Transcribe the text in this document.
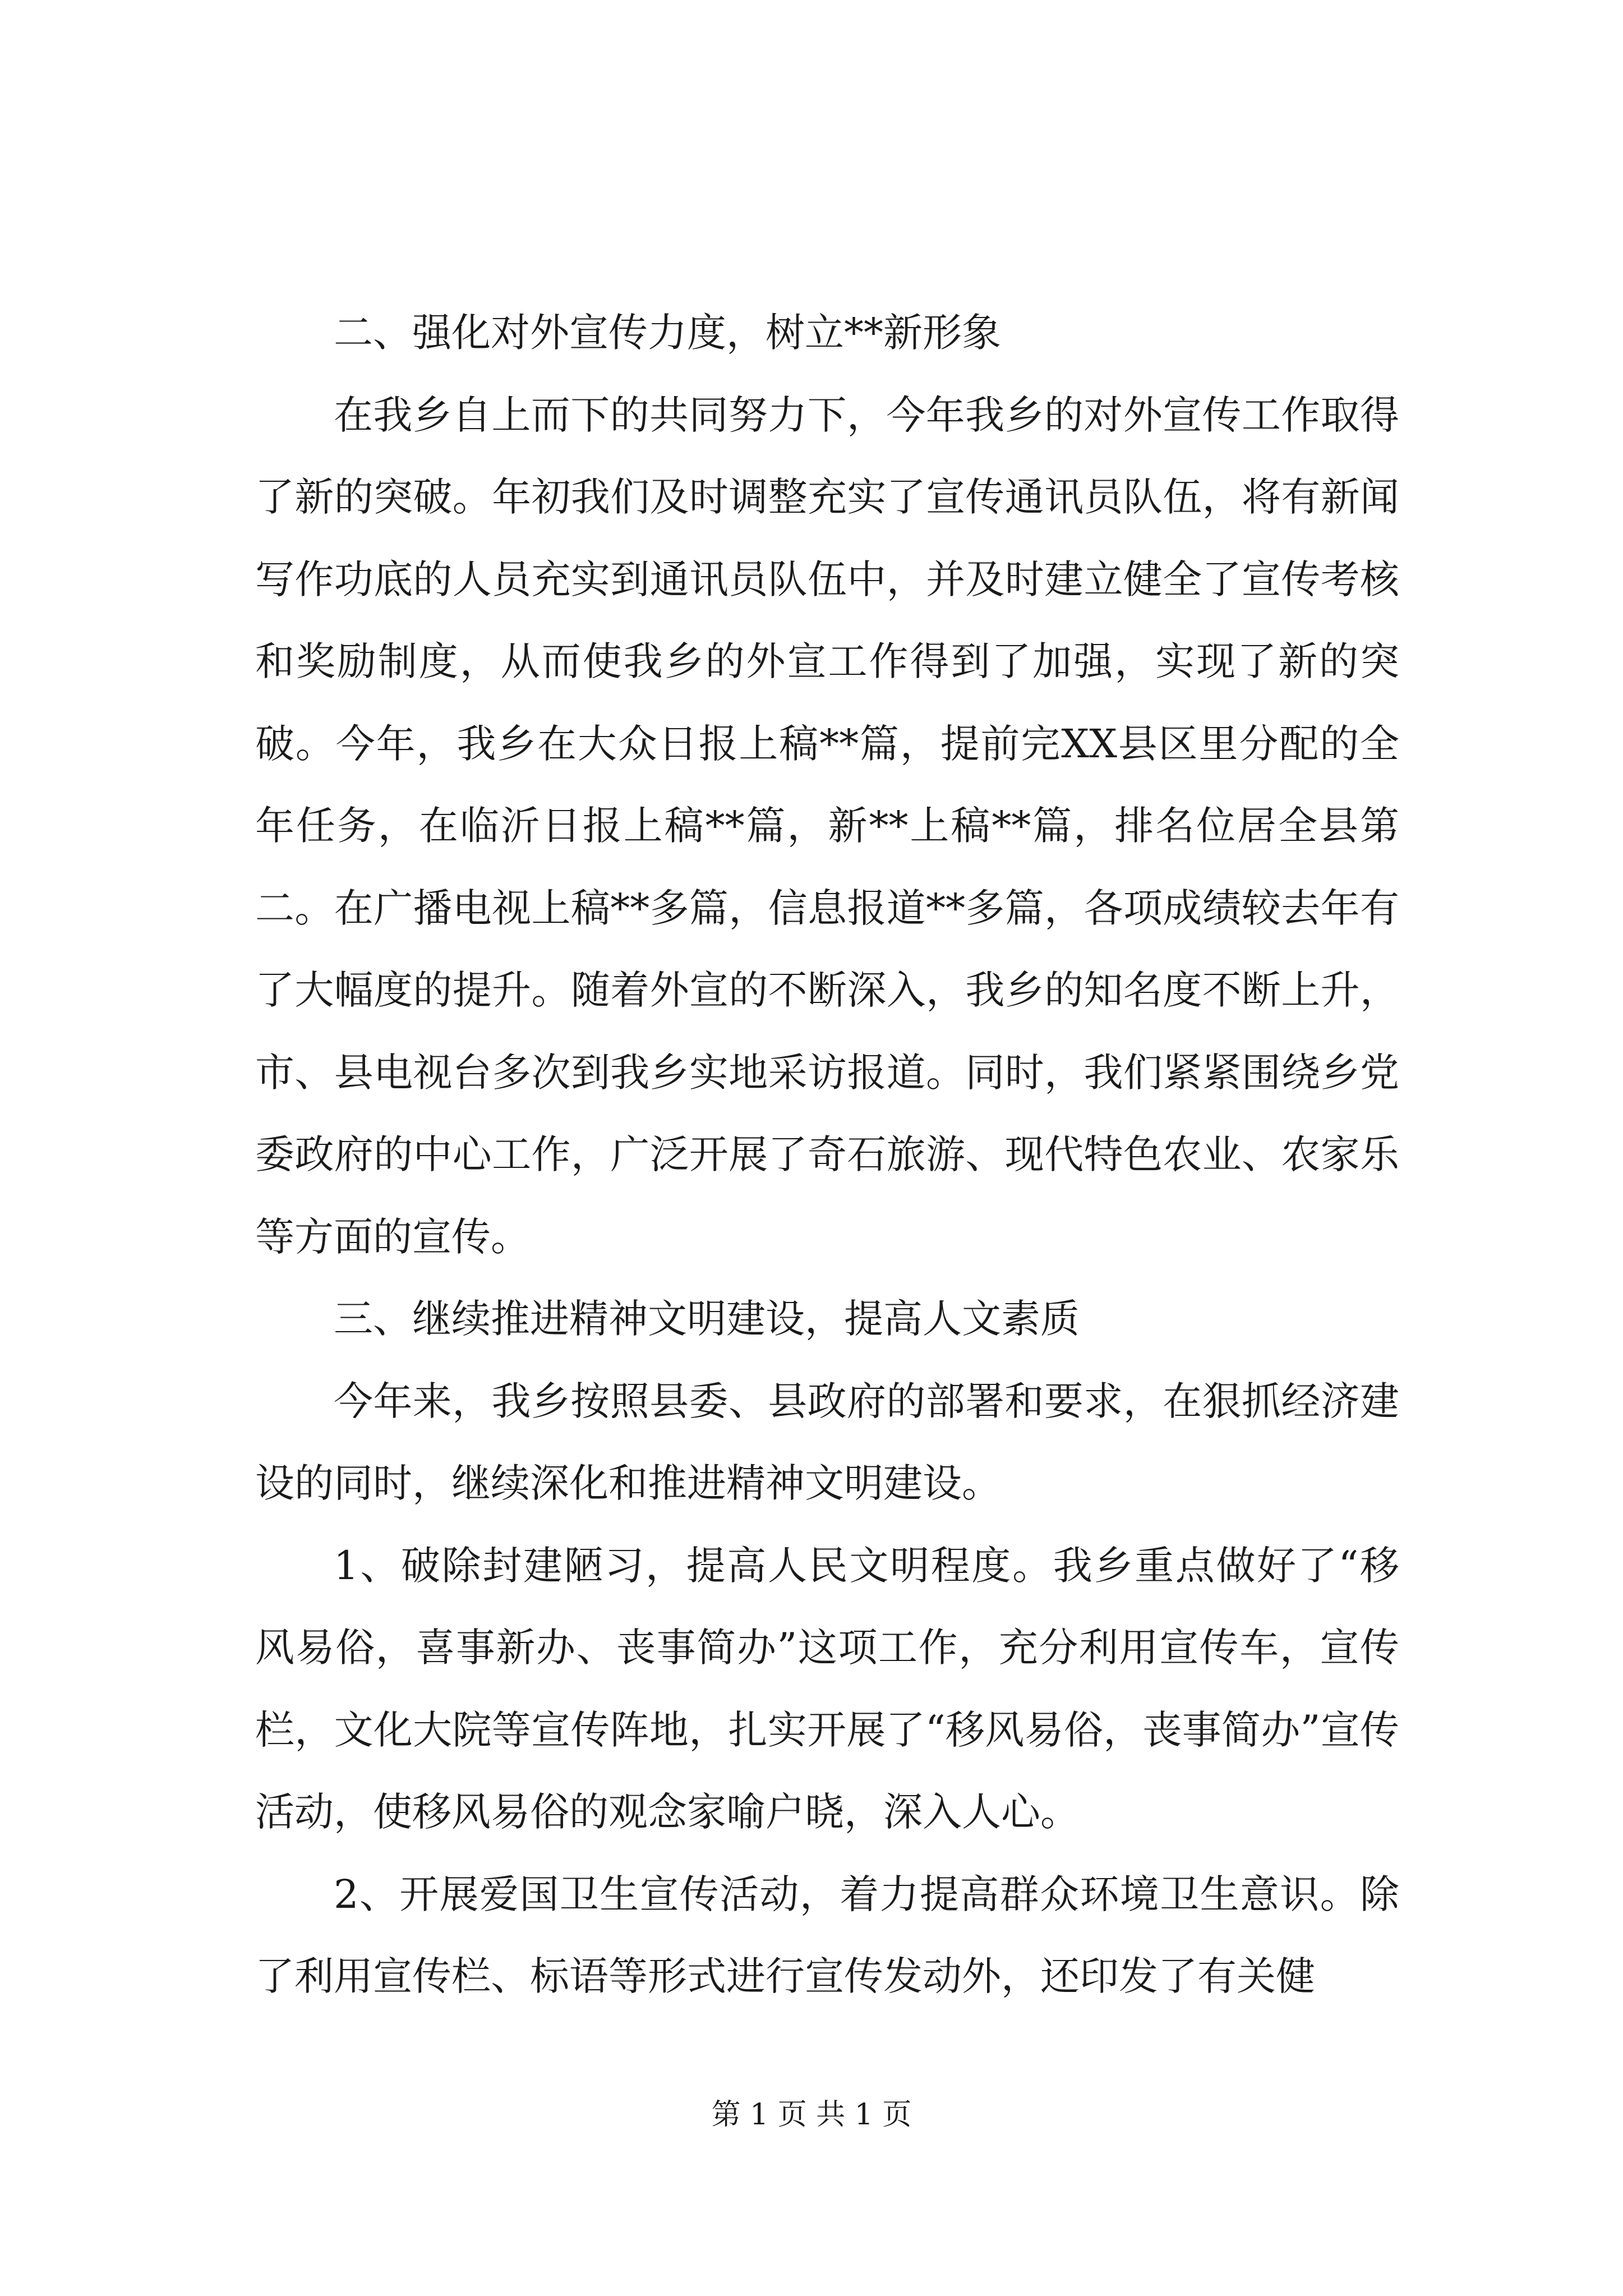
二、强化对外宣传力度，树立**新形象

在我乡自上而下的共同努力下，今年我乡的对外宣传工作取得了新的突破。年初我们及时调整充实了宣传通讯员队伍，将有新闻写作功底的人员充实到通讯员队伍中，并及时建立健全了宣传考核和奖励制度，从而使我乡的外宣工作得到了加强，实现了新的突破。今年，我乡在大众日报上稿**篇，提前完XX县区里分配的全年任务，在临沂日报上稿**篇，新**上稿**篇，排名位居全县第二。在广播电视上稿**多篇，信息报道**多篇，各项成绩较去年有了大幅度的提升。随着外宣的不断深入，我乡的知名度不断上升，市、县电视台多次到我乡实地采访报道。同时，我们紧紧围绕乡党委政府的中心工作，广泛开展了奇石旅游、现代特色农业、农家乐等方面的宣传。

三、继续推进精神文明建设，提高人文素质

今年来，我乡按照县委、县政府的部署和要求，在狠抓经济建设的同时，继续深化和推进精神文明建设。

1、破除封建陋习，提高人民文明程度。我乡重点做好了“移风易俗，喜事新办、丧事简办”这项工作，充分利用宣传车，宣传栏，文化大院等宣传阵地，扎实开展了“移风易俗，丧事简办”宣传活动，使移风易俗的观念家喻户晓，深入人心。

2、开展爱国卫生宣传活动，着力提高群众环境卫生意识。除了利用宣传栏、标语等形式进行宣传发动外，还印发了有关健

第 1 页 共 1 页
